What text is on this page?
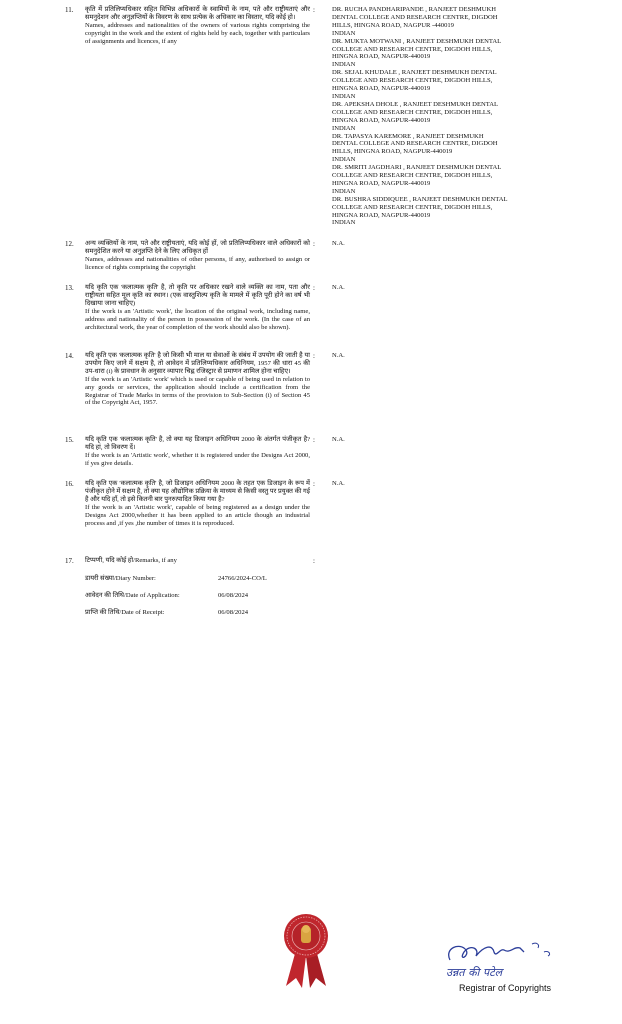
11. कृति में प्रतिलिप्यधिकार सहित विभिन्न अधिकारों के स्वामियों के नाम, पते और राष्ट्रीयताएं और समनुदेशन और अनुज्ञप्तियों के विवरण के साथ प्रत्येक के अधिकार का विस्तार, यदि कोई हो।
Names, addresses and nationalities of the owners of various rights comprising the copyright in the work and the extent of rights held by each, together with particulars of assignments and licences, if any
:	DR. RUCHA PANDHARIPANDE , RANJEET DESHMUKH
DENTAL COLLEGE AND RESEARCH CENTRE, DIGDOH
HILLS, HINGNA ROAD, NAGPUR -440019
INDIAN
DR. MUKTA MOTWANI , RANJEET DESHMUKH DENTAL
COLLEGE AND RESEARCH CENTRE, DIGDOH HILLS,
HINGNA ROAD, NAGPUR-440019
INDIAN
DR. SEJAL KHUDALE , RANJEET DESHMUKH DENTAL
COLLEGE AND RESEARCH CENTRE, DIGDOH HILLS,
HINGNA ROAD, NAGPUR-440019
INDIAN
DR. APEKSHA DHOLE , RANJEET DESHMUKH DENTAL
COLLEGE AND RESEARCH CENTRE, DIGDOH HILLS,
HINGNA ROAD, NAGPUR-440019
INDIAN
DR. TAPASYA KAREMORE , RANJEET DESHMUKH
DENTAL COLLEGE AND RESEARCH CENTRE, DIGDOH
HILLS, HINGNA ROAD, NAGPUR-440019
INDIAN
DR. SMRITI JAGDHARI , RANJEET DESHMUKH DENTAL
COLLEGE AND RESEARCH CENTRE, DIGDOH HILLS,
HINGNA ROAD, NAGPUR-440019
INDIAN
DR. BUSHRA SIDDIQUEE , RANJEET DESHMUKH DENTAL
COLLEGE AND RESEARCH CENTRE, DIGDOH HILLS,
HINGNA ROAD, NAGPUR-440019
INDIAN
12. अन्य व्यक्तियों के नाम, पते और राष्ट्रीयताएं, यदि कोई हों, जो प्रतिलिप्यधिकार वाले अधिकारों को समनुदेशित करने या अनुज्ञप्ति देने के लिए अधिकृत हों
Names, addresses and nationalities of other persons, if any, authorised to assign or licence of rights comprising the copyright
:	N.A.
13. यदि कृति एक 'कलात्मक कृति' है, तो कृति पर अधिकार रखने वाले व्यक्ति का नाम, पता और राष्ट्रीयता सहित मूल कृति का स्थान। (एक वास्तुशिल्प कृति के मामले में कृति पूरी होने का वर्ष भी दिखाया जाना चाहिए)
If the work is an 'Artistic work', the location of the original work, including name, address and nationality of the person in possession of the work. (In the case of an architectural work, the year of completion of the work should also be shown).
:	N.A.
14. यदि कृति एक 'कलात्मक कृति' है जो किसी भी माल या सेवाओं के संबंध में उपयोग की जाती है या उपयोग किए जाने में सक्षम है, तो आवेदन में प्रतिलिप्यधिकार अधिनियम, 1957 की धारा 45 की उप-धारा (i) के प्रावधान के अनुसार व्यापार चिह्न रजिस्ट्रार से प्रमाणन शामिल होना चाहिए।
If the work is an 'Artistic work' which is used or capable of being used in relation to any goods or services, the application should include a certification from the Registrar of Trade Marks in terms of the provision to Sub-Section (i) of Section 45 of the Copyright Act, 1957.
:	N.A.
15. यदि कृति एक 'कलात्मक कृति' है, तो क्या यह डिजाइन अधिनियम 2000 के अंतर्गत पंजीकृत है? यदि हां, तो विवरण दें।
If the work is an 'Artistic work', whether it is registered under the Designs Act 2000, if yes give details.
:	N.A.
16. यदि कृति एक 'कलात्मक कृति' है, जो डिजाइन अधिनियम 2000 के तहत एक डिजाइन के रूप में पंजीकृत होने में सक्षम है, तो क्या यह औद्योगिक प्रक्रिया के माध्यम से किसी वस्तु पर प्रयुक्त की गई है और यदि हाँ, तो इसे कितनी बार पुनरुत्पादित किया गया है?
If the work is an 'Artistic work', capable of being registered as a design under the Designs Act 2000,whether it has been applied to an article though an industrial process and ,if yes ,the number of times it is reproduced.
:	N.A.
17. टिप्पणी, यदि कोई हो/Remarks, if any	:
डायरी संख्या/Diary Number:	24766/2024-CO/L
आवेदन की तिथि/Date of Application:	06/08/2024
प्राप्ति की तिथि/Date of Receipt:	06/08/2024
उन्नत की पटेल
Registrar of Copyrights
